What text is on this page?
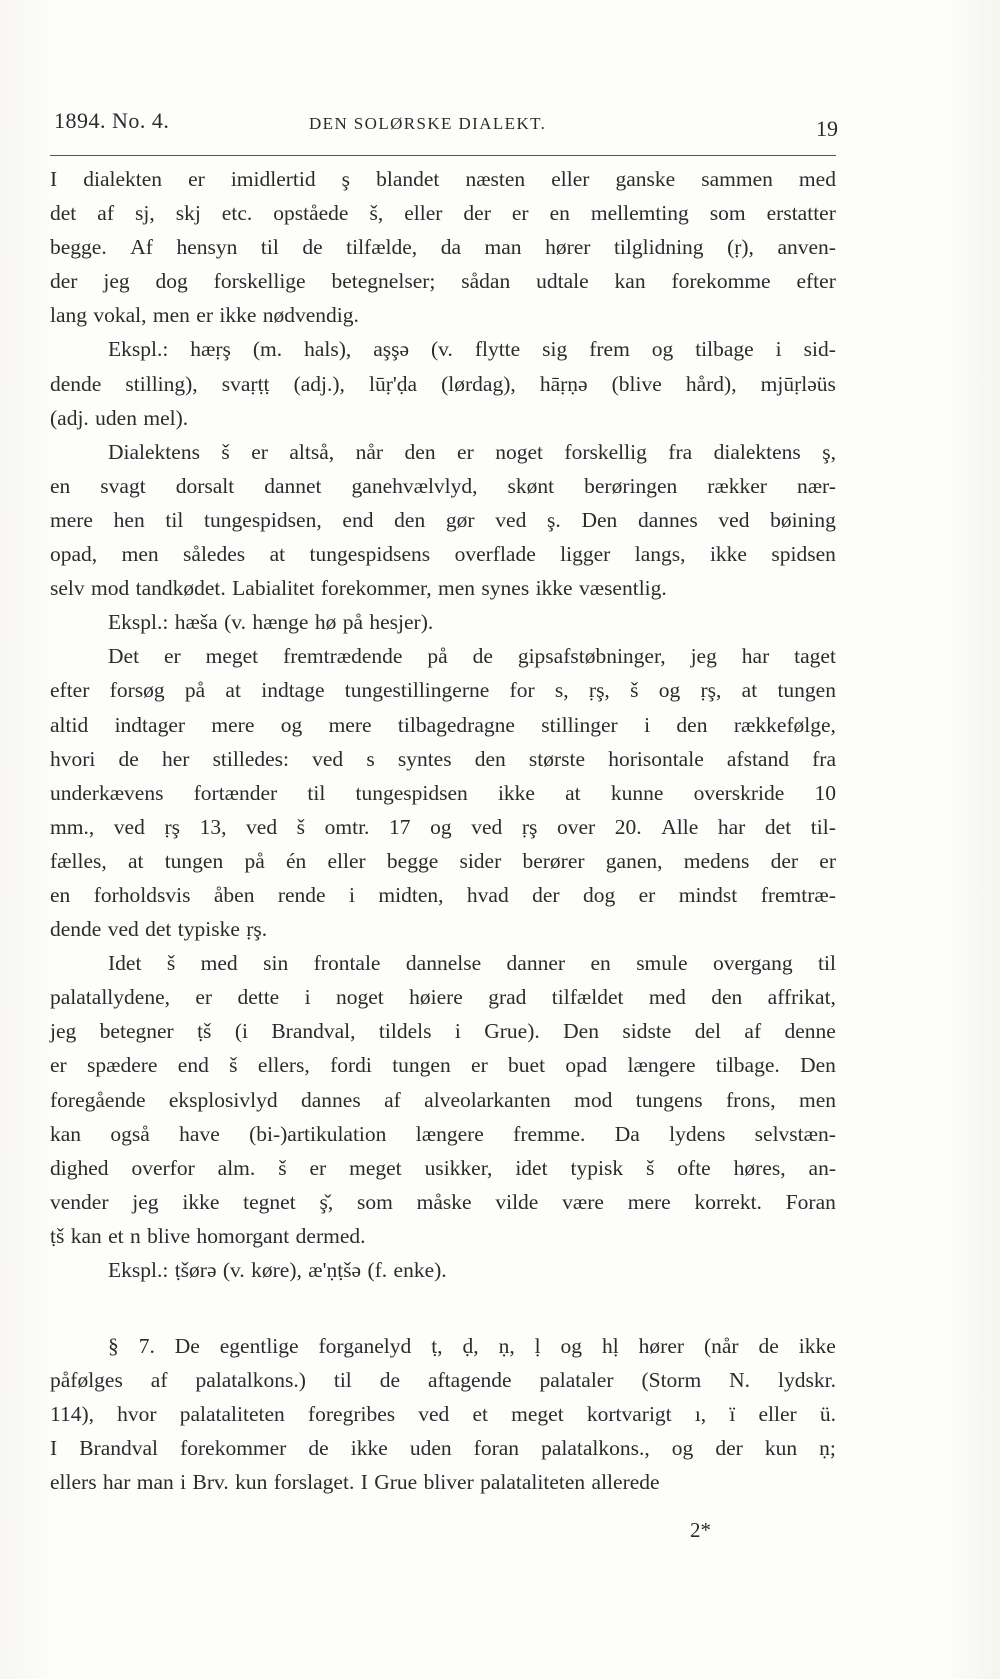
1894. No. 4.	DEN SOLØRSKE DIALEKT.	19
I dialekten er imidlertid ş blandet næsten eller ganske sammen med
det af sj, skj etc. opståede š, eller der er en mellemting som erstatter
begge. Af hensyn til de tilfælde, da man hører tilglidning (ṛ), anven-
der jeg dog forskellige betegnelser; sådan udtale kan forekomme efter
lang vokal, men er ikke nødvendig.
Ekspl.: hæṛş (m. hals), aşşə (v. flytte sig frem og tilbage i sid-
dende stilling), svaṛṭṭ (adj.), lūṛ'ḍa (lørdag), hāṛṇə (blive hård), mjūṛləüs
(adj. uden mel).
Dialektens š er altså, når den er noget forskellig fra dialektens ş,
en svagt dorsalt dannet ganehvælvlyd, skønt berøringen rækker nær-
mere hen til tungespidsen, end den gør ved ş. Den dannes ved bøining
opad, men således at tungespidsens overflade ligger langs, ikke spidsen
selv mod tandkødet. Labialitet forekommer, men synes ikke væsentlig.
Ekspl.: hæša (v. hænge hø på hesjer).
Det er meget fremtrædende på de gipsafstøbninger, jeg har taget
efter forsøg på at indtage tungestillingerne for s, ṛş, š og ṛş, at tungen
altid indtager mere og mere tilbagedragne stillinger i den rækkefølge,
hvori de her stilledes: ved s syntes den største horisontale afstand fra
underkævens fortænder til tungespidsen ikke at kunne overskride 10
mm., ved ṛş 13, ved š omtr. 17 og ved ṛş over 20. Alle har det til-
fælles, at tungen på én eller begge sider berører ganen, medens der er
en forholdsvis åben rende i midten, hvad der dog er mindst fremtræ-
dende ved det typiske ṛş.
Idet š med sin frontale dannelse danner en smule overgang til
palatallydene, er dette i noget høiere grad tilfældet med den affrikat,
jeg betegner ṭš (i Brandval, tildels i Grue). Den sidste del af denne
er spædere end š ellers, fordi tungen er buet opad længere tilbage. Den
foregående eksplosivlyd dannes af alveolarkanten mod tungens frons, men
kan også have (bi-)artikulation længere fremme. Da lydens selvstæn-
dighed overfor alm. š er meget usikker, idet typisk š ofte høres, an-
vender jeg ikke tegnet ş̌, som måske vilde være mere korrekt. Foran
ṭš kan et n blive homorgant dermed.
Ekspl.: ṭšørə (v. køre), æ'ṇṭšə (f. enke).
§ 7. De egentlige forganelyd ṭ, ḍ, ṇ, ḷ og hḷ hører (når de ikke
påfølges af palatalkons.) til de aftagende palataler (Storm N. lydskr.
114), hvor palataliteten foregribes ved et meget kortvarigt ı, ï eller ü.
I Brandval forekommer de ikke uden foran palatalkons., og der kun ṇ;
ellers har man i Brv. kun forslaget. I Grue bliver palataliteten allerede
2*
